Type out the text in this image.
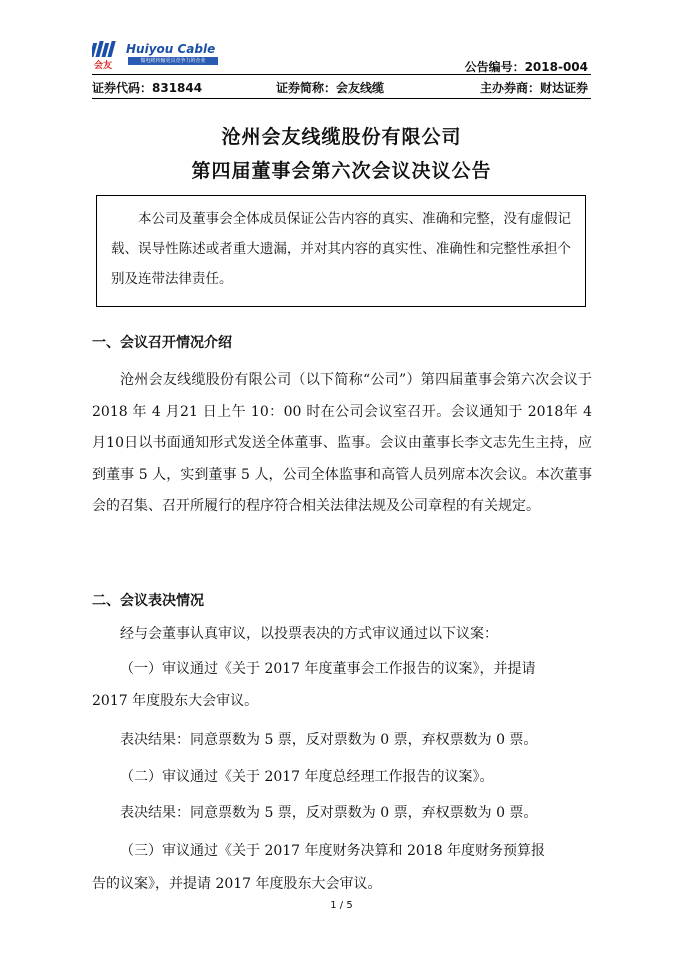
Huiyou Cable
做电缆传输更具竞争力的企业
会友	公告编号：2018-004
证券代码：831844	证券简称：会友线缆	主办券商：财达证券
沧州会友线缆股份有限公司
第四届董事会第六次会议决议公告
本公司及董事会全体成员保证公告内容的真实、准确和完整，没有虚假记载、误导性陈述或者重大遗漏，并对其内容的真实性、准确性和完整性承担个别及连带法律责任。
一、会议召开情况介绍
沧州会友线缆股份有限公司（以下简称“公司”）第四届董事会第六次会议于 2018 年 4 月21 日上午 10：00 时在公司会议室召开。会议通知于 2018年 4 月10日以书面通知形式发送全体董事、监事。会议由董事长李文志先生主持，应到董事 5 人，实到董事 5 人，公司全体监事和高管人员列席本次会议。本次董事会的召集、召开所履行的程序符合相关法律法规及公司章程的有关规定。
二、会议表决情况
经与会董事认真审议，以投票表决的方式审议通过以下议案：
（一）审议通过《关于 2017 年度董事会工作报告的议案》，并提请
2017 年度股东大会审议。
表决结果：同意票数为 5 票，反对票数为 0 票，弃权票数为 0 票。
（二）审议通过《关于 2017 年度总经理工作报告的议案》。
表决结果：同意票数为 5 票，反对票数为 0 票，弃权票数为 0 票。
（三）审议通过《关于 2017 年度财务决算和 2018 年度财务预算报
告的议案》，并提请 2017 年度股东大会审议。
1 / 5
